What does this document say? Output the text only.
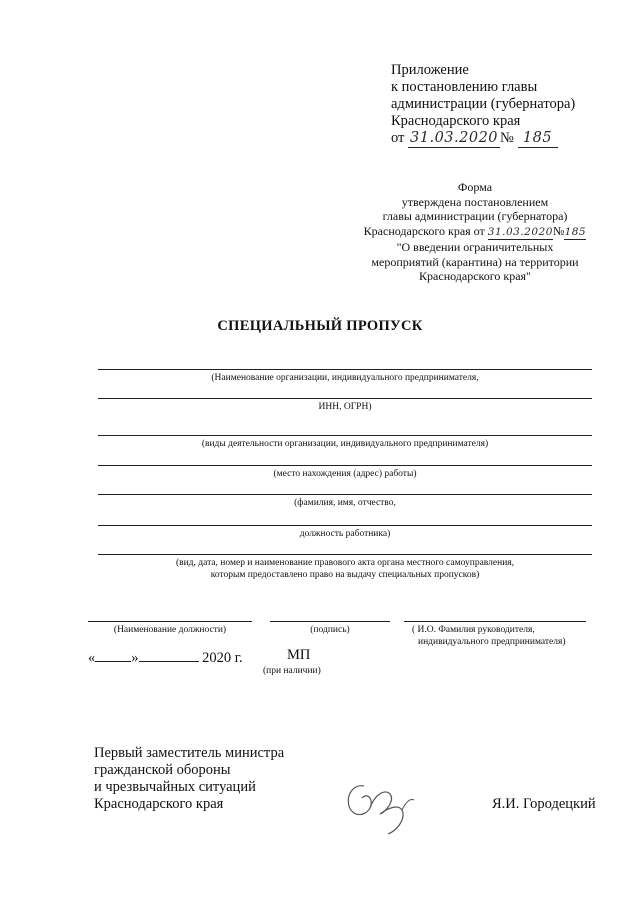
Приложение
к постановлению главы
администрации (губернатора)
Краснодарского края
от 31.03.2020 № 185
Форма
утверждена постановлением
главы администрации (губернатора)
Краснодарского края от 31.03.2020№185
"О введении ограничительных
мероприятий (карантина) на территории
Краснодарского края"
СПЕЦИАЛЬНЫЙ ПРОПУСК
(Наименование организации, индивидуального предпринимателя,
ИНН, ОГРН)
(виды деятельности организации, индивидуального предпринимателя)
(место нахождения (адрес) работы)
(фамилия, имя, отчество,
должность работника)
(вид, дата, номер и наименование правового акта органа местного самоуправления,
которым предоставлено право на выдачу специальных пропусков)
(Наименование должности)	(подпись)	( И.О. Фамилия руководителя,
индивидуального предпринимателя)
« »	2020 г.	МП
(при наличии)
Первый заместитель министра
гражданской обороны
и чрезвычайных ситуаций
Краснодарского края	Я.И. Городецкий
